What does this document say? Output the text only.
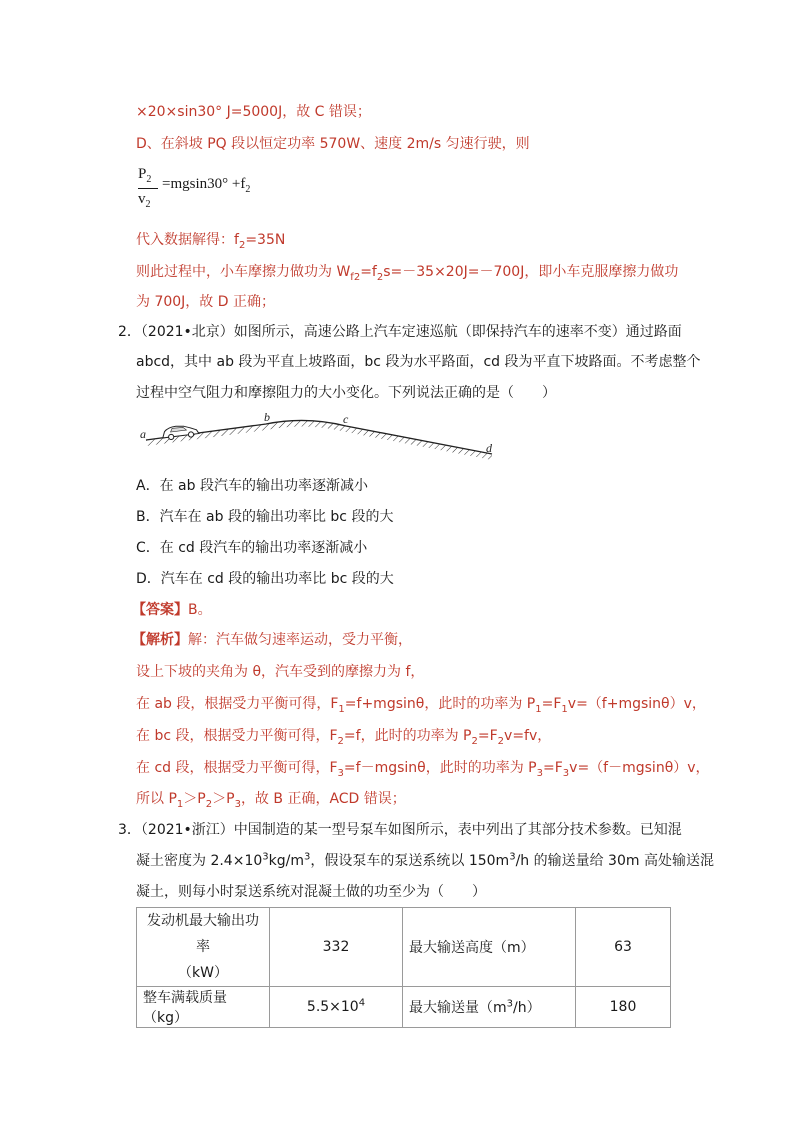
×20×sin30° J=5000J，故 C 错误；
D、在斜坡 PQ 段以恒定功率 570W、速度 2m/s 匀速行驶，则
$P_2$
$v_2$
$=mgsin30^\circ +f_2$
代入数据解得：$f_2=35N$
则此过程中，小车摩擦力做功为 $W_{f2}=f_2s=-35\times 20J=-700J$，即小车克服摩擦力做功
为 700J，故 D 正确；
2．（2021•北京）如图所示，高速公路上汽车定速巡航（即保持汽车的速率不变）通过路面
abcd，其中 ab 段为平直上坡路面，bc 段为水平路面，cd 段为平直下坡路面。不考虑整个
过程中空气阻力和摩擦阻力的大小变化。下列说法正确的是（　　）
a
b	c
d
A．在 ab 段汽车的输出功率逐渐减小
B．汽车在 ab 段的输出功率比 bc 段的大
C．在 cd 段汽车的输出功率逐渐减小
D．汽车在 cd 段的输出功率比 bc 段的大
【答案】B。
【解析】解：汽车做匀速率运动，受力平衡，
设上下坡的夹角为 θ，汽车受到的摩擦力为 f，
在 ab 段，根据受力平衡可得，$F_1=f+mgsin\theta$，此时的功率为 $P_1=F_1v=(f+mgsin\theta)v$，
在 bc 段，根据受力平衡可得，$F_2=f$，此时的功率为 $P_2=F_2v=fv$，
在 cd 段，根据受力平衡可得，$F_3=f-mgsin\theta$，此时的功率为 $P_3=F_3v=(f-mgsin\theta)v$，
所以 $P_1>P_2>P_3$，故 B 正确，ACD 错误；
3．（2021•浙江）中国制造的某一型号泵车如图所示，表中列出了其部分技术参数。已知混
凝土密度为 $2.4\times 10^3kg/m^3$，假设泵车的泵送系统以 $150m^3/h$ 的输送量给 30m 高处输送混
凝土，则每小时泵送系统对混凝土做的功至少为（　　）
发动机最大输出功率
（kW）	332	最大输送高度（m）	63
整车满载质量（kg）	$5.5\times 10^4$	最大输送量$(m^3/h)$	180
